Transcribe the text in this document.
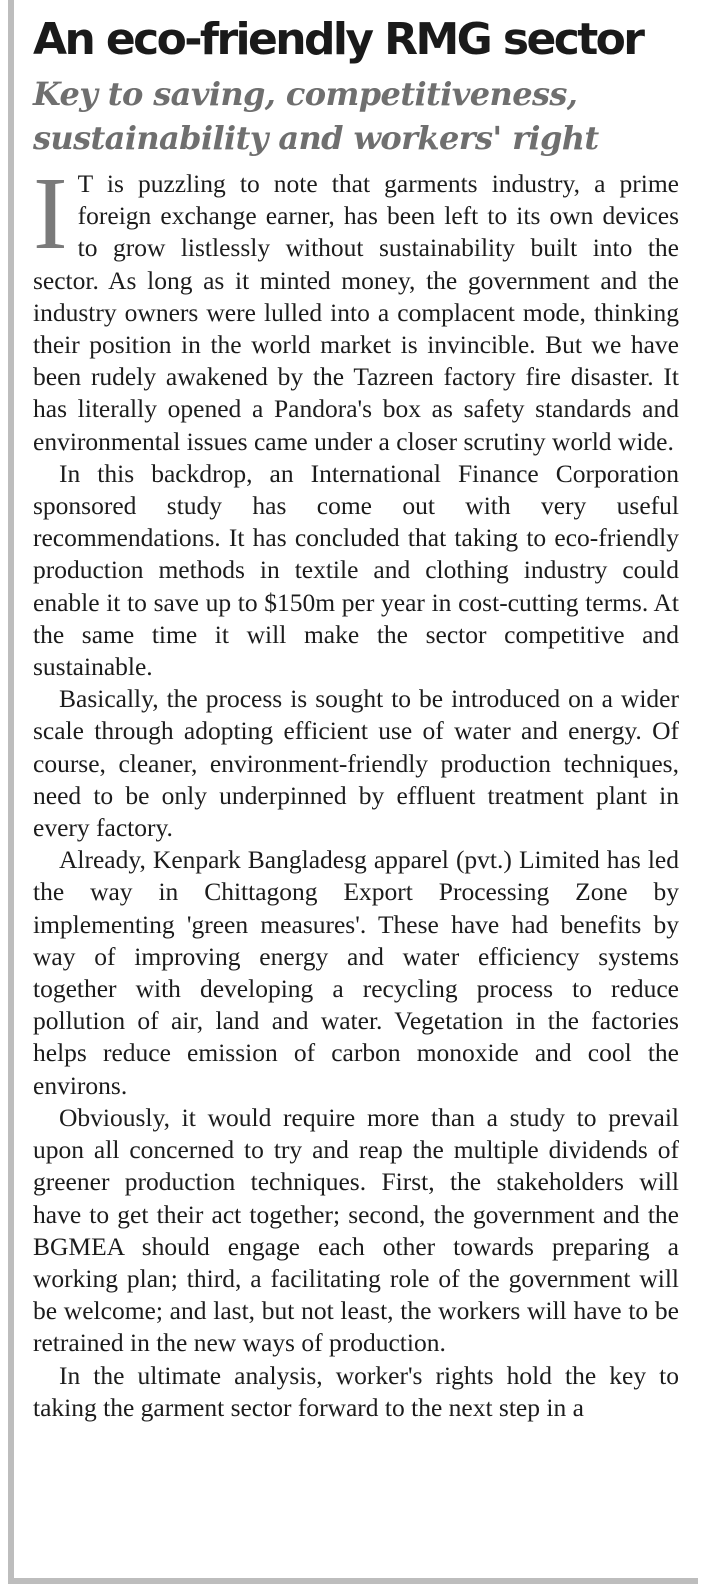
An eco-friendly RMG sector
Key to saving, competitiveness, sustainability and workers' right

I T is puzzling to note that garments industry, a prime foreign exchange earner, has been left to its own devices to grow listlessly without sustainability built into the sector. As long as it minted money, the government and the industry owners were lulled into a complacent mode, thinking their position in the world market is invincible. But we have been rudely awakened by the Tazreen factory fire disaster. It has literally opened a Pandora's box as safety standards and environmental issues came under a closer scrutiny world wide.

In this backdrop, an International Finance Corporation sponsored study has come out with very useful recommendations. It has concluded that taking to eco-friendly production methods in textile and clothing industry could enable it to save up to $150m per year in cost-cutting terms. At the same time it will make the sector competitive and sustainable.

Basically, the process is sought to be introduced on a wider scale through adopting efficient use of water and energy. Of course, cleaner, environment-friendly production techniques, need to be only underpinned by effluent treatment plant in every factory.

Already, Kenpark Bangladesg apparel (pvt.) Limited has led the way in Chittagong Export Processing Zone by implementing 'green measures'. These have had benefits by way of improving energy and water efficiency systems together with developing a recycling process to reduce pollution of air, land and water. Vegetation in the factories helps reduce emission of carbon monoxide and cool the environs.

Obviously, it would require more than a study to prevail upon all concerned to try and reap the multiple dividends of greener production techniques. First, the stakeholders will have to get their act together; second, the government and the BGMEA should engage each other towards preparing a working plan; third, a facilitating role of the government will be welcome; and last, but not least, the workers will have to be retrained in the new ways of production.

In the ultimate analysis, worker's rights hold the key to taking the garment sector forward to the next step in a
